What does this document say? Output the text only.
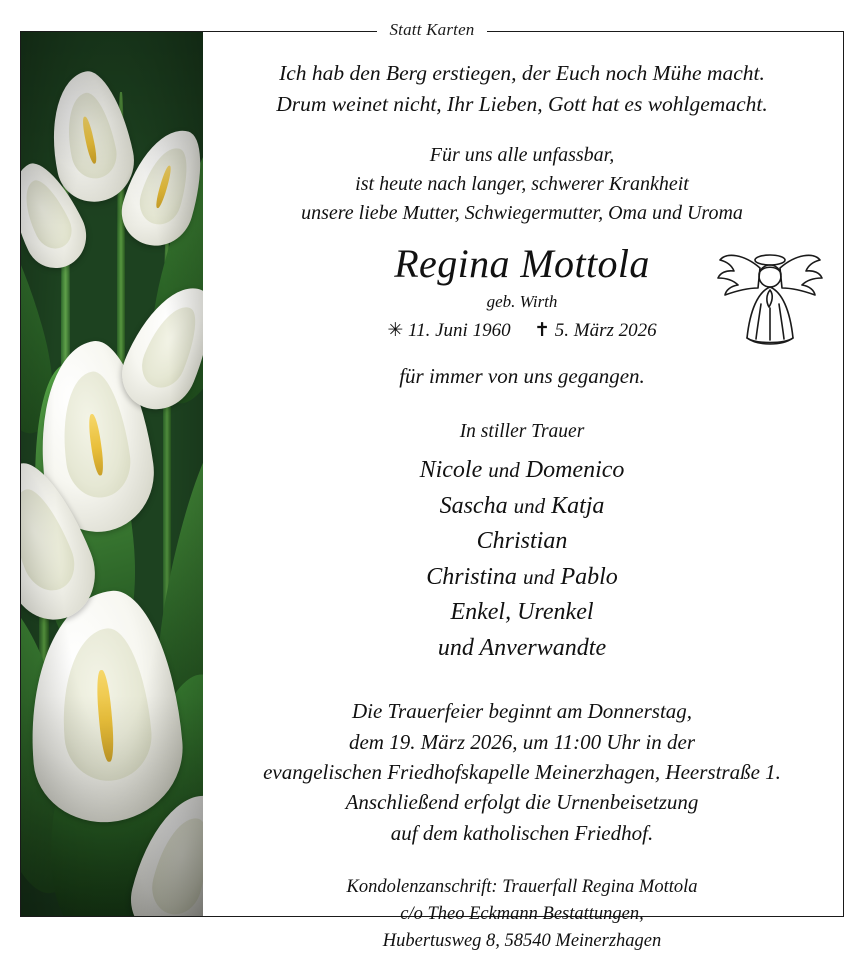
Statt Karten
Ich hab den Berg erstiegen, der Euch noch Mühe macht.
Drum weinet nicht, Ihr Lieben, Gott hat es wohlgemacht.
Für uns alle unfassbar,
ist heute nach langer, schwerer Krankheit
unsere liebe Mutter, Schwiegermutter, Oma und Uroma
Regina Mottola
geb. Wirth
✳ 11. Juni 1960 ✝ 5. März 2026
für immer von uns gegangen.
In stiller Trauer
Nicole und Domenico
Sascha und Katja
Christian
Christina und Pablo
Enkel, Urenkel
und Anverwandte
Die Trauerfeier beginnt am Donnerstag,
dem 19. März 2026, um 11:00 Uhr in der
evangelischen Friedhofskapelle Meinerzhagen, Heerstraße 1.
Anschließend erfolgt die Urnenbeisetzung
auf dem katholischen Friedhof.
Kondolenzanschrift: Trauerfall Regina Mottola
c/o Theo Eckmann Bestattungen,
Hubertusweg 8, 58540 Meinerzhagen
